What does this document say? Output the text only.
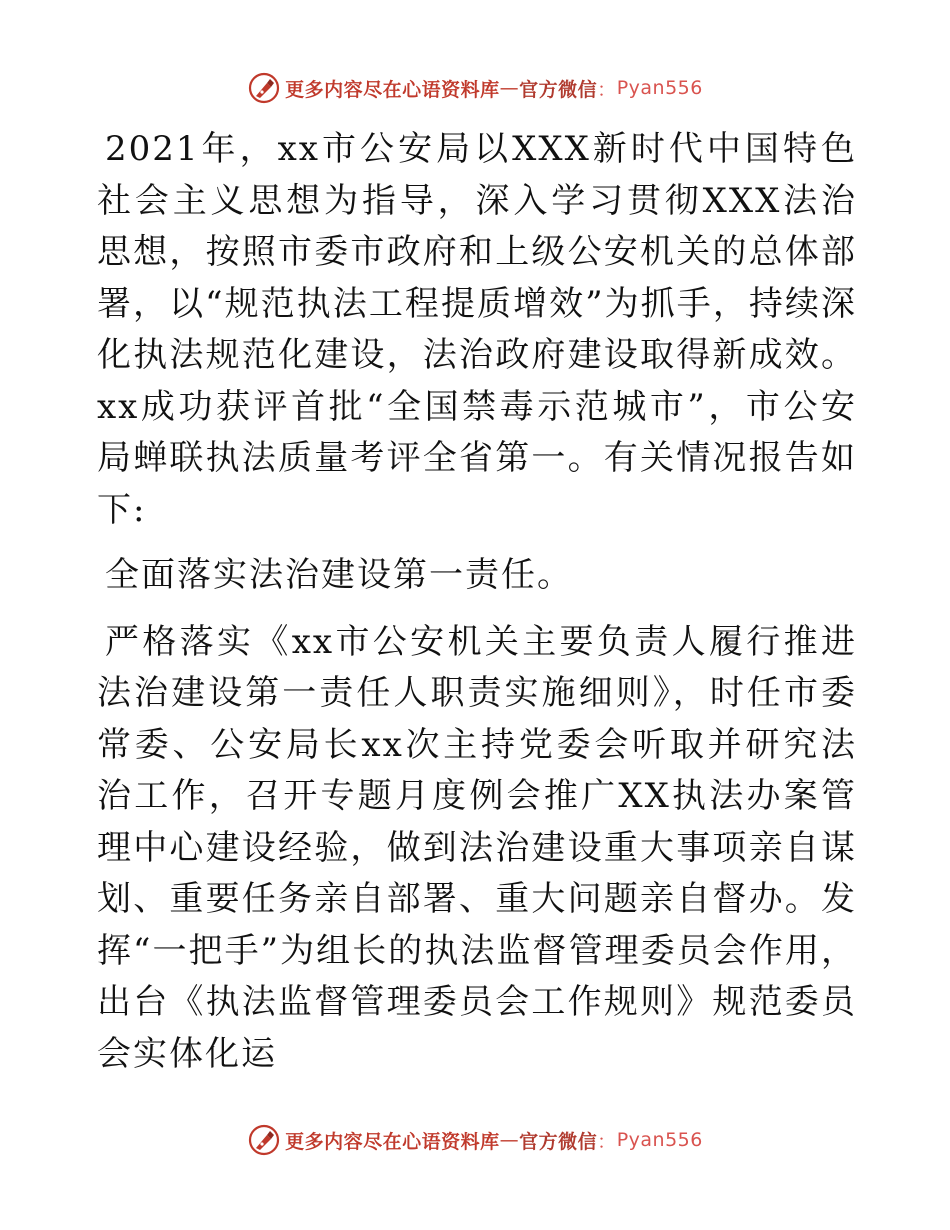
更多内容尽在心语资料库 — 官方微信 ： Pyan556

2021年，xx市公安局以XXX新时代中国特色社会主义思想为指导，深入学习贯彻XXX法治思想，按照市委市政府和上级公安机关的总体部署，以“规范执法工程提质增效”为抓手，持续深化执法规范化建设，法治政府建设取得新成效。xx成功获评首批“全国禁毒示范城市”，市公安局蝉联执法质量考评全省第一。有关情况报告如下:

全面落实法治建设第一责任。

严格落实《xx市公安机关主要负责人履行推进法治建设第一责任人职责实施细则》，时任市委常委、公安局长xx次主持党委会听取并研究法治工作，召开专题月度例会推广XX执法办案管理中心建设经验，做到法治建设重大事项亲自谋划、重要任务亲自部署、重大问题亲自督办。发挥“一把手”为组长的执法监督管理委员会作用，出台《执法监督管理委员会工作规则》规范委员会实体化运

更多内容尽在心语资料库 — 官方微信 ： Pyan556
